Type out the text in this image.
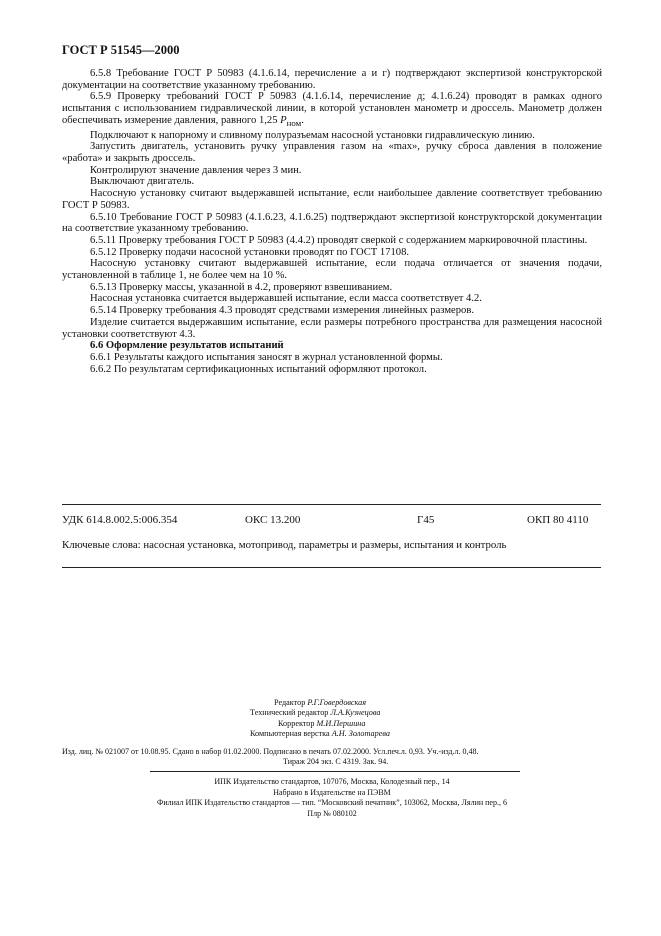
ГОСТ Р 51545—2000

6.5.8 Требование ГОСТ Р 50983 (4.1.6.14, перечисление а и г) подтверждают экспертизой конструкторской документации на соответствие указанному требованию.

6.5.9 Проверку требований ГОСТ Р 50983 (4.1.6.14, перечисление д; 4.1.6.24) проводят в рамках одного испытания с использованием гидравлической линии, в которой установлен манометр и дроссель. Манометр должен обеспечивать измерение давления, равного 1,25 $P_{ном}$.

Подключают к напорному и сливному полуразъемам насосной установки гидравлическую линию.

Запустить двигатель, установить ручку управления газом на «max», ручку сброса давления в положение «работа» и закрыть дроссель.

Контролируют значение давления через 3 мин.

Выключают двигатель.

Насосную установку считают выдержавшей испытание, если наибольшее давление соответствует требованию ГОСТ Р 50983.

6.5.10 Требование ГОСТ Р 50983 (4.1.6.23, 4.1.6.25) подтверждают экспертизой конструкторской документации на соответствие указанному требованию.

6.5.11 Проверку требования ГОСТ Р 50983 (4.4.2) проводят сверкой с содержанием маркировочной пластины.

6.5.12 Проверку подачи насосной установки проводят по ГОСТ 17108.

Насосную установку считают выдержавшей испытание, если подача отличается от значения подачи, установленной в таблице 1, не более чем на 10 %.

6.5.13 Проверку массы, указанной в 4.2, проверяют взвешиванием.

Насосная установка считается выдержавшей испытание, если масса соответствует 4.2.

6.5.14 Проверку требования 4.3 проводят средствами измерения линейных размеров.

Изделие считается выдержавшим испытание, если размеры потребного пространства для размещения насосной установки соответствуют 4.3.

6.6 Оформление результатов испытаний

6.6.1 Результаты каждого испытания заносят в журнал установленной формы.

6.6.2 По результатам сертификационных испытаний оформляют протокол.

УДК 614.8.002.5:006.354	ОКС 13.200	Г45	ОКП 80 4110
Ключевые слова: насосная установка, мотопривод, параметры и размеры, испытания и контроль
Редактор Р.Г.Говердовская
Технический редактор Л.А.Кузнецова
Корректор М.И.Першина
Компьютерная верстка А.Н. Золотарева
Изд. лиц. № 021007 от 10.08.95. Сдано в набор 01.02.2000. Подписано в печать 07.02.2000. Усл.печ.л. 0,93. Уч.-изд.л. 0,48.
Тираж 204 экз. С 4319. Зак. 94.
ИПК Издательство стандартов, 107076, Москва, Колодезный пер., 14
Набрано в Издательстве на ПЭВМ
Филиал ИПК Издательство стандартов — тип. “Московский печатник”, 103062, Москва, Лялин пер., 6
Плр № 080102
